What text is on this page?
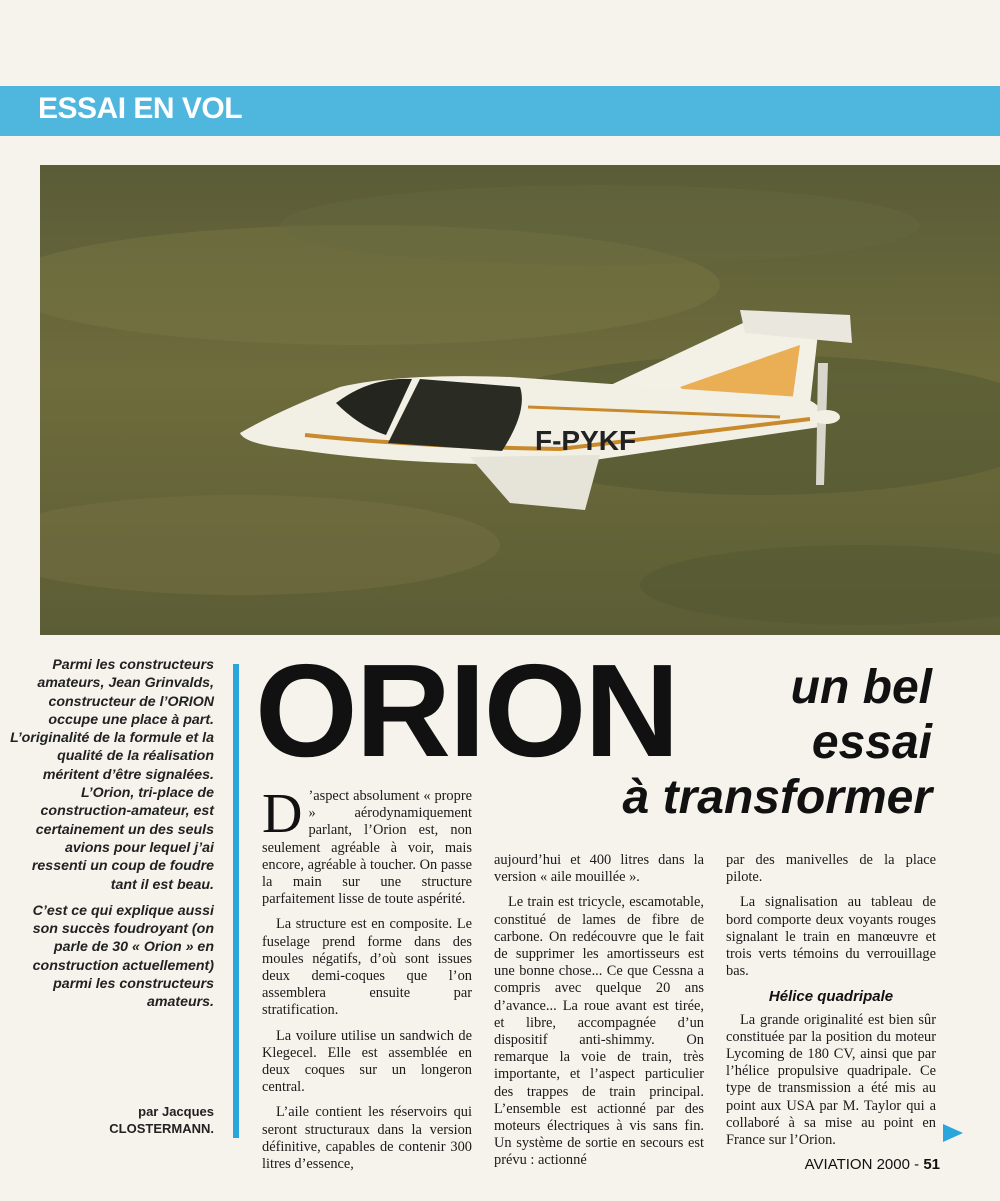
ESSAI EN VOL
F-PYKF

Parmi les constructeurs amateurs, Jean Grinvalds, constructeur de l’ORION occupe une place à part. L’originalité de la formule et la qualité de la réalisation méritent d’être signalées. L’Orion, tri-place de construction-amateur, est certainement un des seuls avions pour lequel j’ai ressenti un coup de foudre tant il est beau.

C’est ce qui explique aussi son succès foudroyant (on parle de 30 « Orion » en construction actuellement) parmi les constructeurs amateurs.

par Jacques
CLOSTERMANN.
ORION	un bel
essai
à transformer

D ’aspect absolument « propre » aérodynamiquement parlant, l’Orion est, non seulement agréable à voir, mais encore, agréable à toucher. On passe la main sur une structure parfaitement lisse de toute aspérité.

La structure est en composite. Le fuselage prend forme dans des moules négatifs, d’où sont issues deux demi-coques que l’on assemblera ensuite par stratification.

La voilure utilise un sandwich de Klegecel. Elle est assemblée en deux coques sur un longeron central.

L’aile contient les réservoirs qui seront structuraux dans la version définitive, capables de contenir 300 litres d’essence,

aujourd’hui et 400 litres dans la version « aile mouillée ».

Le train est tricycle, escamotable, constitué de lames de fibre de carbone. On redécouvre que le fait de supprimer les amortisseurs est une bonne chose... Ce que Cessna a compris avec quelque 20 ans d’avance... La roue avant est tirée, et libre, accompagnée d’un dispositif anti-shimmy. On remarque la voie de train, très importante, et l’aspect particulier des trappes de train principal. L’ensemble est actionné par des moteurs électriques à vis sans fin. Un système de sortie en secours est prévu : actionné

par des manivelles de la place pilote.

La signalisation au tableau de bord comporte deux voyants rouges signalant le train en manœuvre et trois verts témoins du verrouillage bas.

Hélice quadripale

La grande originalité est bien sûr constituée par la position du moteur Lycoming de 180 CV, ainsi que par l’hélice propulsive quadripale. Ce type de transmission a été mis au point aux USA par M. Taylor qui a collaboré à sa mise au point en France sur l’Orion.

AVIATION 2000 - 51
